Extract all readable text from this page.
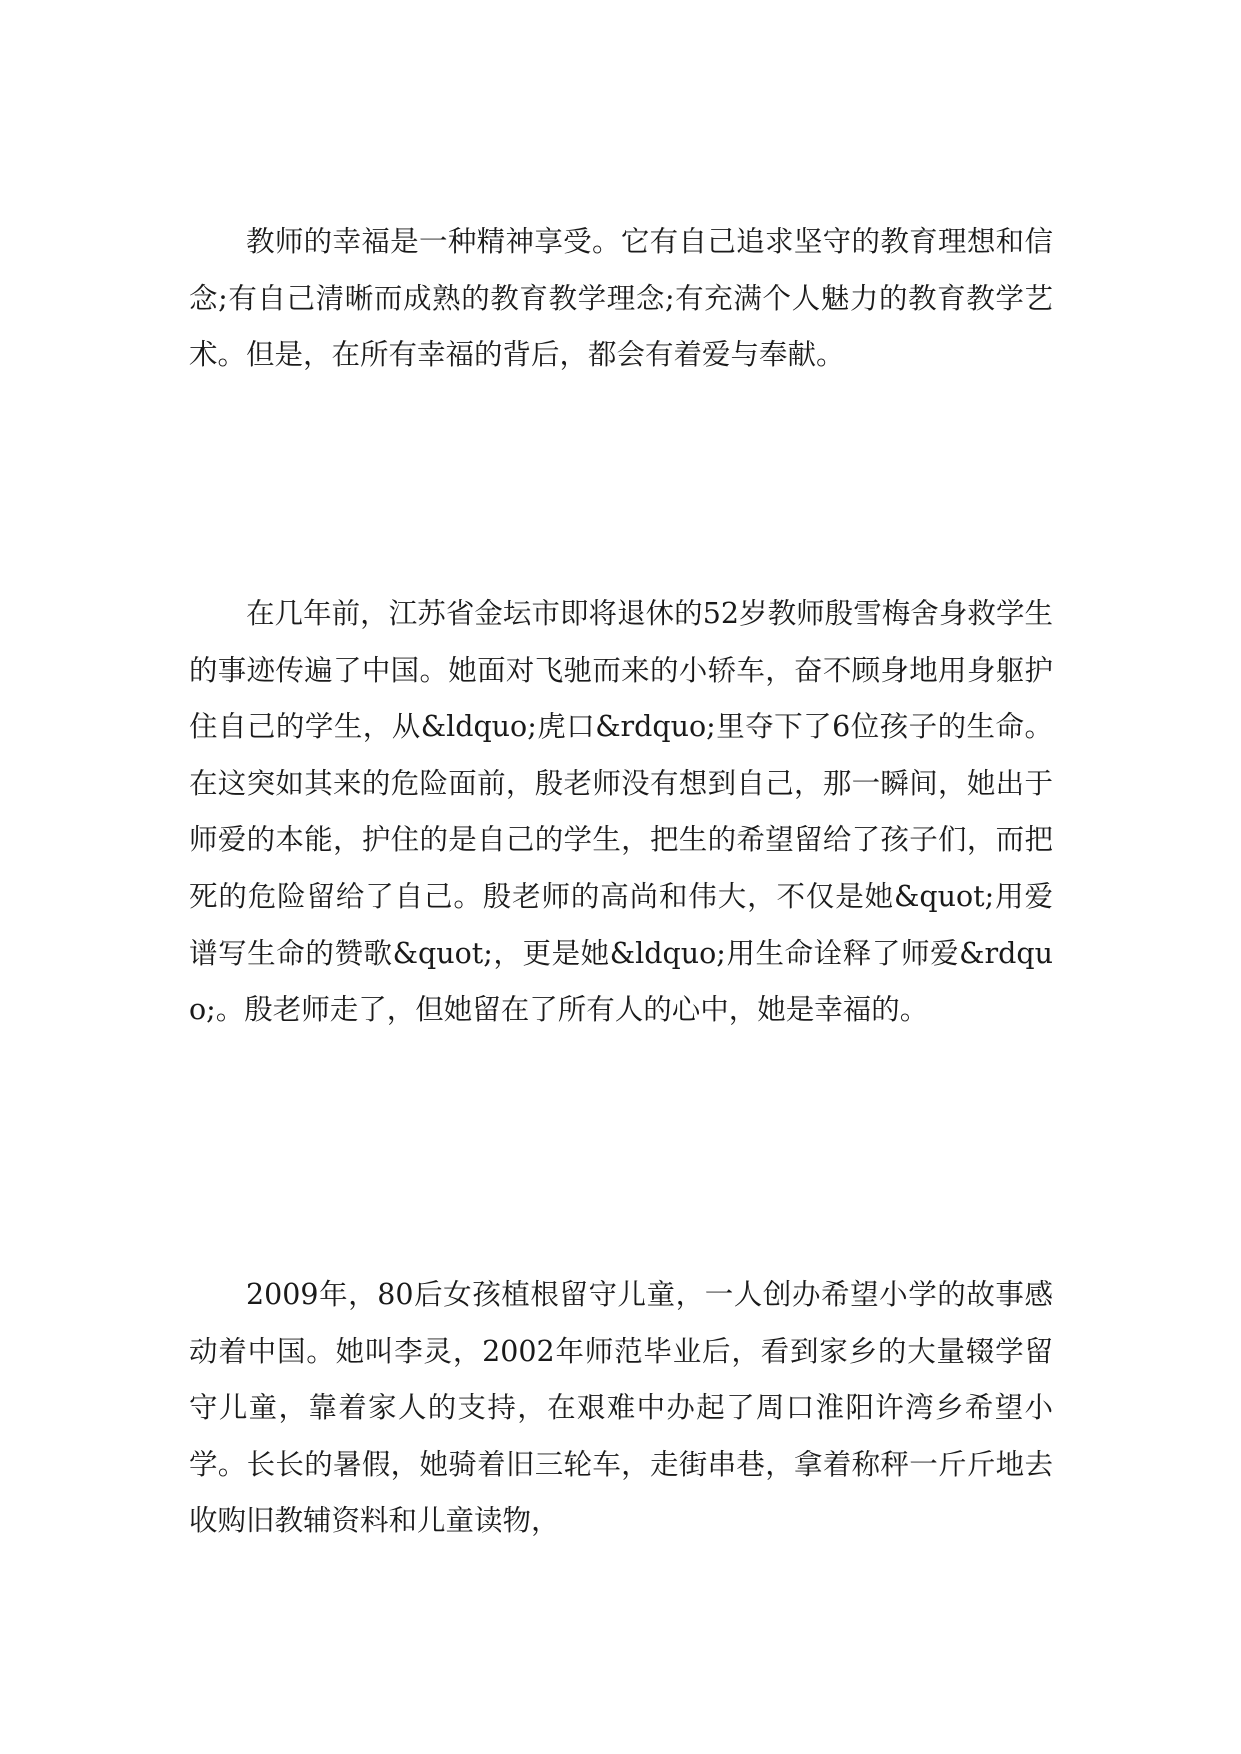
教师的幸福是一种精神享受。它有自己追求坚守的教育理想和信念;有自己清晰而成熟的教育教学理念;有充满个人魅力的教育教学艺术。但是，在所有幸福的背后，都会有着爱与奉献。

在几年前，江苏省金坛市即将退休的52岁教师殷雪梅舍身救学生的事迹传遍了中国。她面对飞驰而来的小轿车，奋不顾身地用身躯护住自己的学生，从&ldquo;虎口&rdquo;里夺下了6位孩子的生命。在这突如其来的危险面前，殷老师没有想到自己，那一瞬间，她出于师爱的本能，护住的是自己的学生，把生的希望留给了孩子们，而把死的危险留给了自己。殷老师的高尚和伟大，不仅是她&quot;用爱谱写生命的赞歌&quot;，更是她&ldquo;用生命诠释了师爱&rdquo;。殷老师走了，但她留在了所有人的心中，她是幸福的。

2009年，80后女孩植根留守儿童，一人创办希望小学的故事感动着中国。她叫李灵，2002年师范毕业后，看到家乡的大量辍学留守儿童，靠着家人的支持，在艰难中办起了周口淮阳许湾乡希望小学。长长的暑假，她骑着旧三轮车，走街串巷，拿着称秤一斤斤地去收购旧教辅资料和儿童读物，
